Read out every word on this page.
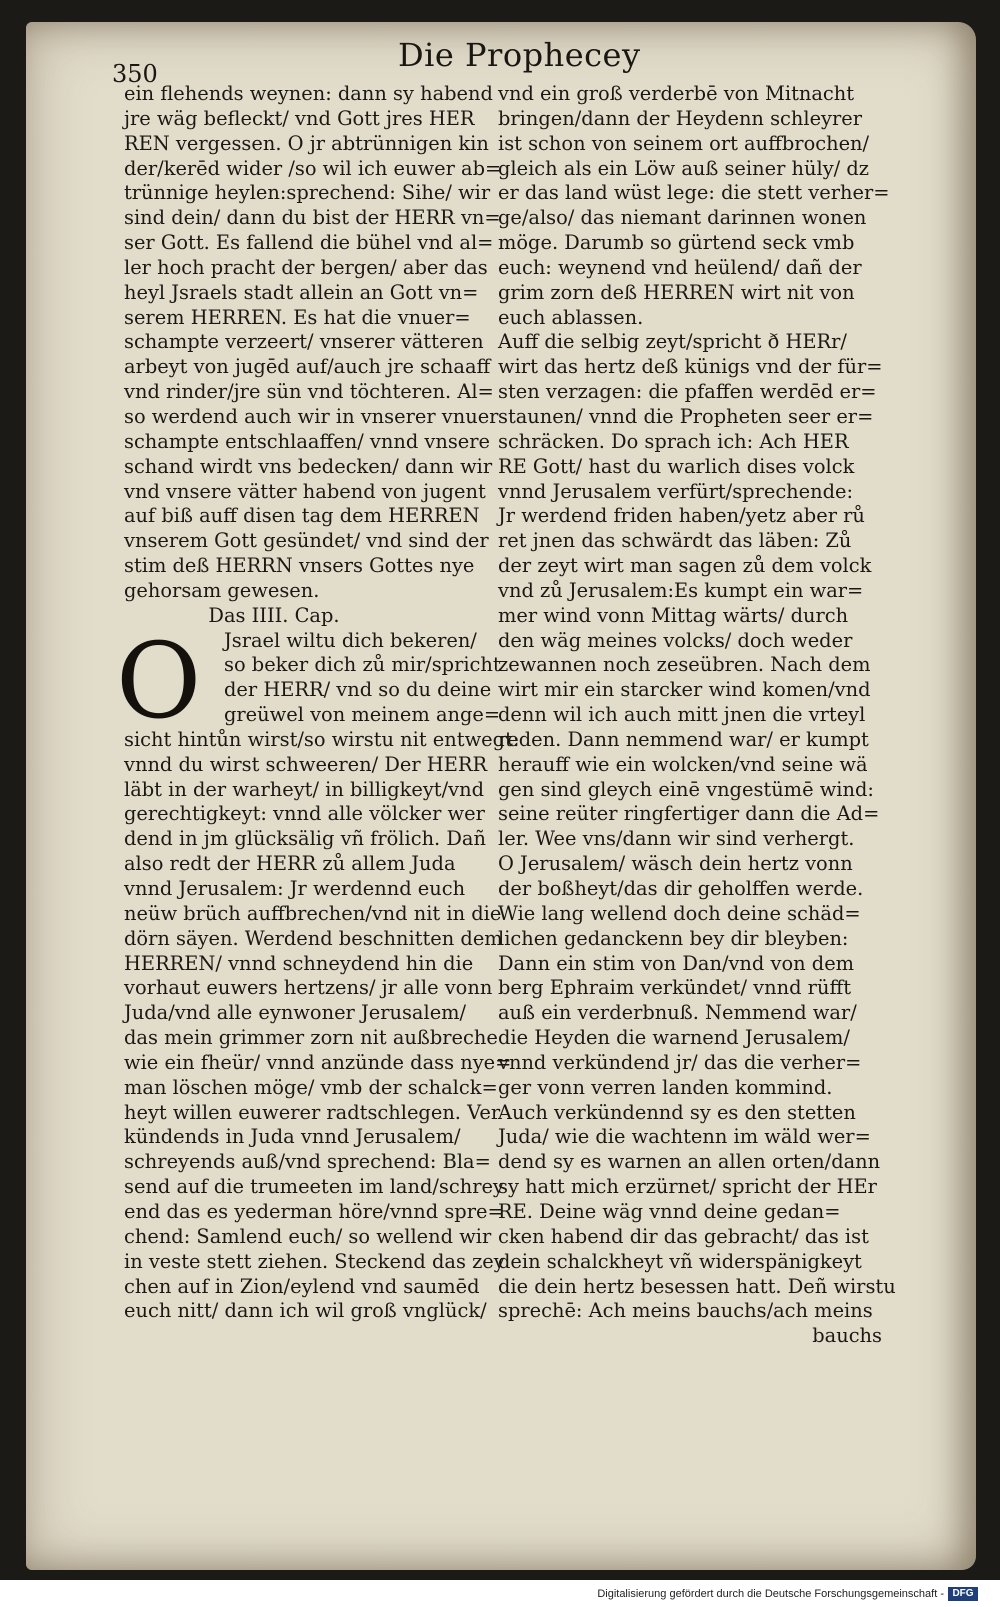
350	Die Prophecey
ein flehends weynen: dann sy habend
jre wäg befleckt/ vnd Gott jres HER
REN vergessen. O jr abtrünnigen kin
der/kerēd wider /so wil ich euwer ab=
trünnige heylen:sprechend: Sihe/ wir
sind dein/ dann du bist der HERR vn=
ser Gott. Es fallend die bühel vnd al=
ler hoch pracht der bergen/ aber das
heyl Jsraels stadt allein an Gott vn=
serem HERREN. Es hat die vnuer=
schampte verzeert/ vnserer vätteren
arbeyt von jugēd auf/auch jre schaaff
vnd rinder/jre sün vnd töchteren. Al=
so werdend auch wir in vnserer vnuer
schampte entschlaaffen/ vnnd vnsere
schand wirdt vns bedecken/ dann wir
vnd vnsere vätter habend von jugent
auf biß auff disen tag dem HERREN
vnserem Gott gesündet/ vnd sind der
stim deß HERRN vnsers Gottes nye
gehorsam gewesen.
Das IIII. Cap.
O	Jsrael wiltu dich bekeren/
so beker dich zů mir/spricht
der HERR/ vnd so du deine
greüwel von meinem ange=
sicht hintůn wirst/so wirstu nit entwegt:
vnnd du wirst schweeren/ Der HERR
läbt in der warheyt/ in billigkeyt/vnd
gerechtigkeyt: vnnd alle völcker wer
dend in jm glücksälig vñ frölich. Dañ
also redt der HERR zů allem Juda
vnnd Jerusalem: Jr werdennd euch
neüw brüch auffbrechen/vnd nit in die
dörn säyen. Werdend beschnitten dem
HERREN/ vnnd schneydend hin die
vorhaut euwers hertzens/ jr alle vonn
Juda/vnd alle eynwoner Jerusalem/
das mein grimmer zorn nit außbreche
wie ein fheür/ vnnd anzünde dass nye=
man löschen möge/ vmb der schalck=
heyt willen euwerer radtschlegen. Ver
kündends in Juda vnnd Jerusalem/
schreyends auß/vnd sprechend: Bla=
send auf die trumeeten im land/schrey
end das es yederman höre/vnnd spre=
chend: Samlend euch/ so wellend wir
in veste stett ziehen. Steckend das zey
chen auf in Zion/eylend vnd saumēd
euch nitt/ dann ich wil groß vnglück/
vnd ein groß verderbē von Mitnacht
bringen/dann der Heydenn schleyrer
ist schon von seinem ort auffbrochen/
gleich als ein Löw auß seiner hüly/ dz
er das land wüst lege: die stett verher=
ge/also/ das niemant darinnen wonen
möge. Darumb so gürtend seck vmb
euch: weynend vnd heülend/ dañ der
grim zorn deß HERREN wirt nit von
euch ablassen.
Auff die selbig zeyt/spricht ð HERr/
wirt das hertz deß künigs vnd der für=
sten verzagen: die pfaffen werdēd er=
staunen/ vnnd die Propheten seer er=
schräcken. Do sprach ich: Ach HER
RE Gott/ hast du warlich dises volck
vnnd Jerusalem verfürt/sprechende:
Jr werdend friden haben/yetz aber rů
ret jnen das schwärdt das läben: Zů
der zeyt wirt man sagen zů dem volck
vnd zů Jerusalem:Es kumpt ein war=
mer wind vonn Mittag wärts/ durch
den wäg meines volcks/ doch weder
zewannen noch zeseübren. Nach dem
wirt mir ein starcker wind komen/vnd
denn wil ich auch mitt jnen die vrteyl
reden. Dann nemmend war/ er kumpt
herauff wie ein wolcken/vnd seine wä
gen sind gleych einē vngestümē wind:
seine reüter ringfertiger dann die Ad=
ler. Wee vns/dann wir sind verhergt.
O Jerusalem/ wäsch dein hertz vonn
der boßheyt/das dir geholffen werde.
Wie lang wellend doch deine schäd=
lichen gedanckenn bey dir bleyben:
Dann ein stim von Dan/vnd von dem
berg Ephraim verkündet/ vnnd rüfft
auß ein verderbnuß. Nemmend war/
die Heyden die warnend Jerusalem/
vnnd verkündend jr/ das die verher=
ger vonn verren landen kommind.
Auch verkündennd sy es den stetten
Juda/ wie die wachtenn im wäld wer=
dend sy es warnen an allen orten/dann
sy hatt mich erzürnet/ spricht der HEr
RE. Deine wäg vnnd deine gedan=
cken habend dir das gebracht/ das ist
dein schalckheyt vñ widerspänigkeyt
die dein hertz besessen hatt. Deñ wirstu
sprechē: Ach meins bauchs/ach meins
bauchs
Digitalisierung gefördert durch die Deutsche Forschungsgemeinschaft - DFG
